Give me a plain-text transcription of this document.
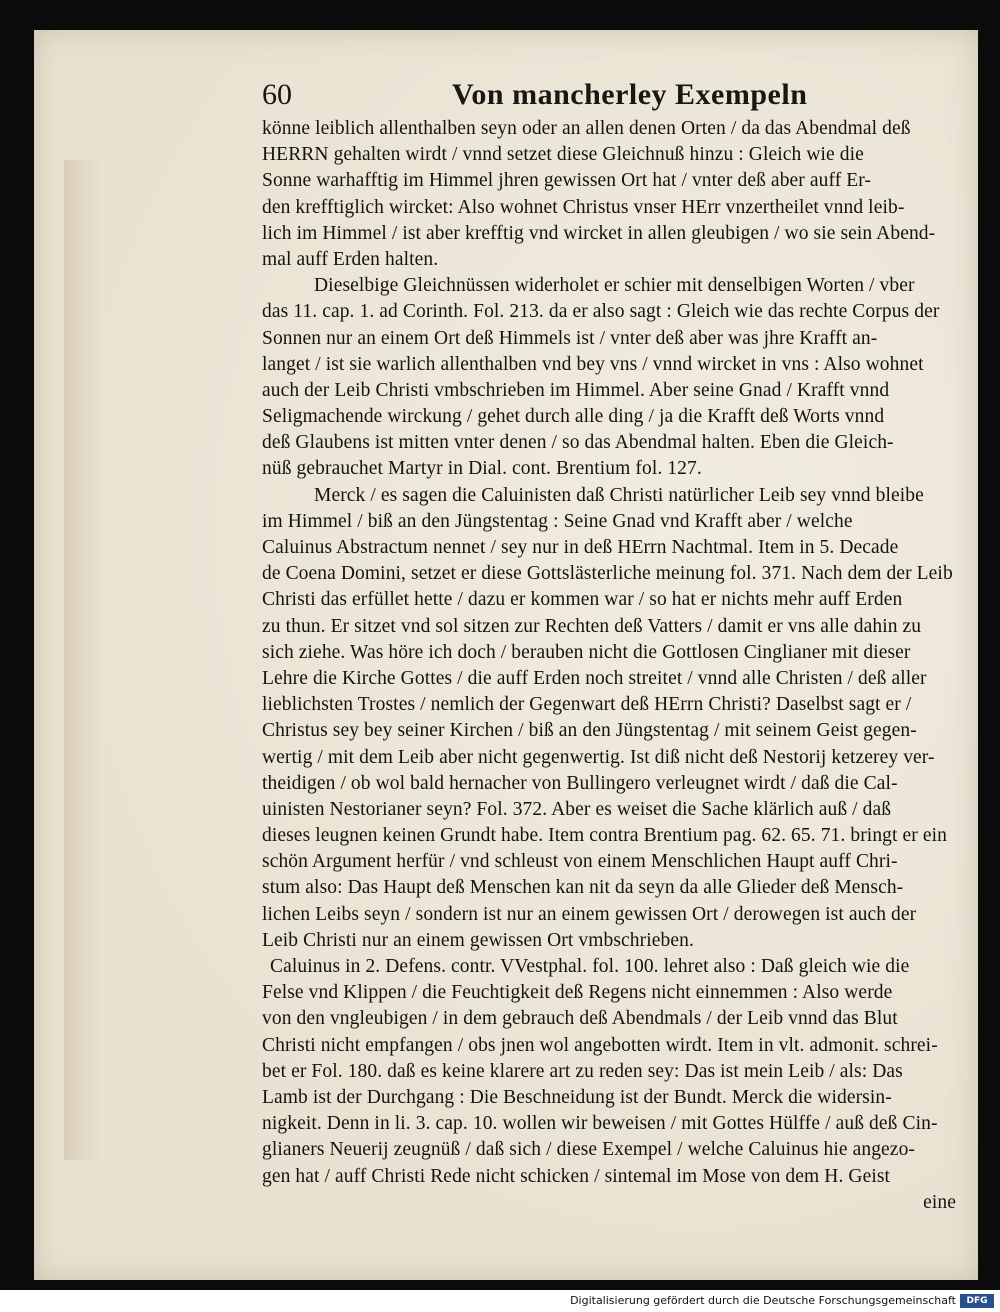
60	Von mancherley Exempeln
könne leiblich allenthalben seyn oder an allen denen Orten / da das Abendmal deß
HERRN gehalten wirdt / vnnd setzet diese Gleichnuß hinzu : Gleich wie die
Sonne warhafftig im Himmel jhren gewissen Ort hat / vnter deß aber auff Er-
den krefftiglich wircket: Also wohnet Christus vnser HErr vnzertheilet vnnd leib-
lich im Himmel / ist aber krefftig vnd wircket in allen gleubigen / wo sie sein Abend-
mal auff Erden halten.
Dieselbige Gleichnüssen widerholet er schier mit denselbigen Worten / vber
das 11. cap. 1. ad Corinth. Fol. 213. da er also sagt : Gleich wie das rechte Corpus der
Sonnen nur an einem Ort deß Himmels ist / vnter deß aber was jhre Krafft an-
langet / ist sie warlich allenthalben vnd bey vns / vnnd wircket in vns : Also wohnet
auch der Leib Christi vmbschrieben im Himmel. Aber seine Gnad / Krafft vnnd
Seligmachende wirckung / gehet durch alle ding / ja die Krafft deß Worts vnnd
deß Glaubens ist mitten vnter denen / so das Abendmal halten. Eben die Gleich-
nüß gebrauchet Martyr in Dial. cont. Brentium fol. 127.
Merck / es sagen die Caluinisten daß Christi natürlicher Leib sey vnnd bleibe
im Himmel / biß an den Jüngstentag : Seine Gnad vnd Krafft aber / welche
Caluinus Abstractum nennet / sey nur in deß HErrn Nachtmal. Item in 5. Decade
de Coena Domini, setzet er diese Gottslästerliche meinung fol. 371. Nach dem der Leib
Christi das erfüllet hette / dazu er kommen war / so hat er nichts mehr auff Erden
zu thun. Er sitzet vnd sol sitzen zur Rechten deß Vatters / damit er vns alle dahin zu
sich ziehe. Was höre ich doch / berauben nicht die Gottlosen Cinglianer mit dieser
Lehre die Kirche Gottes / die auff Erden noch streitet / vnnd alle Christen / deß aller
lieblichsten Trostes / nemlich der Gegenwart deß HErrn Christi? Daselbst sagt er /
Christus sey bey seiner Kirchen / biß an den Jüngstentag / mit seinem Geist gegen-
wertig / mit dem Leib aber nicht gegenwertig. Ist diß nicht deß Nestorij ketzerey ver-
theidigen / ob wol bald hernacher von Bullingero verleugnet wirdt / daß die Cal-
uinisten Nestorianer seyn? Fol. 372. Aber es weiset die Sache klärlich auß / daß
dieses leugnen keinen Grundt habe. Item contra Brentium pag. 62. 65. 71. bringt er ein
schön Argument herfür / vnd schleust von einem Menschlichen Haupt auff Chri-
stum also: Das Haupt deß Menschen kan nit da seyn da alle Glieder deß Mensch-
lichen Leibs seyn / sondern ist nur an einem gewissen Ort / derowegen ist auch der
Leib Christi nur an einem gewissen Ort vmbschrieben.
Caluinus in 2. Defens. contr. VVestphal. fol. 100. lehret also : Daß gleich wie die
Felse vnd Klippen / die Feuchtigkeit deß Regens nicht einnemmen : Also werde
von den vngleubigen / in dem gebrauch deß Abendmals / der Leib vnnd das Blut
Christi nicht empfangen / obs jnen wol angebotten wirdt. Item in vlt. admonit. schrei-
bet er Fol. 180. daß es keine klarere art zu reden sey: Das ist mein Leib / als: Das
Lamb ist der Durchgang : Die Beschneidung ist der Bundt. Merck die widersin-
nigkeit. Denn in li. 3. cap. 10. wollen wir beweisen / mit Gottes Hülffe / auß deß Cin-
glianers Neuerij zeugnüß / daß sich / diese Exempel / welche Caluinus hie angezo-
gen hat / auff Christi Rede nicht schicken / sintemal im Mose von dem H. Geist
eine
Digitalisierung gefördert durch die Deutsche Forschungsgemeinschaft	DFG
